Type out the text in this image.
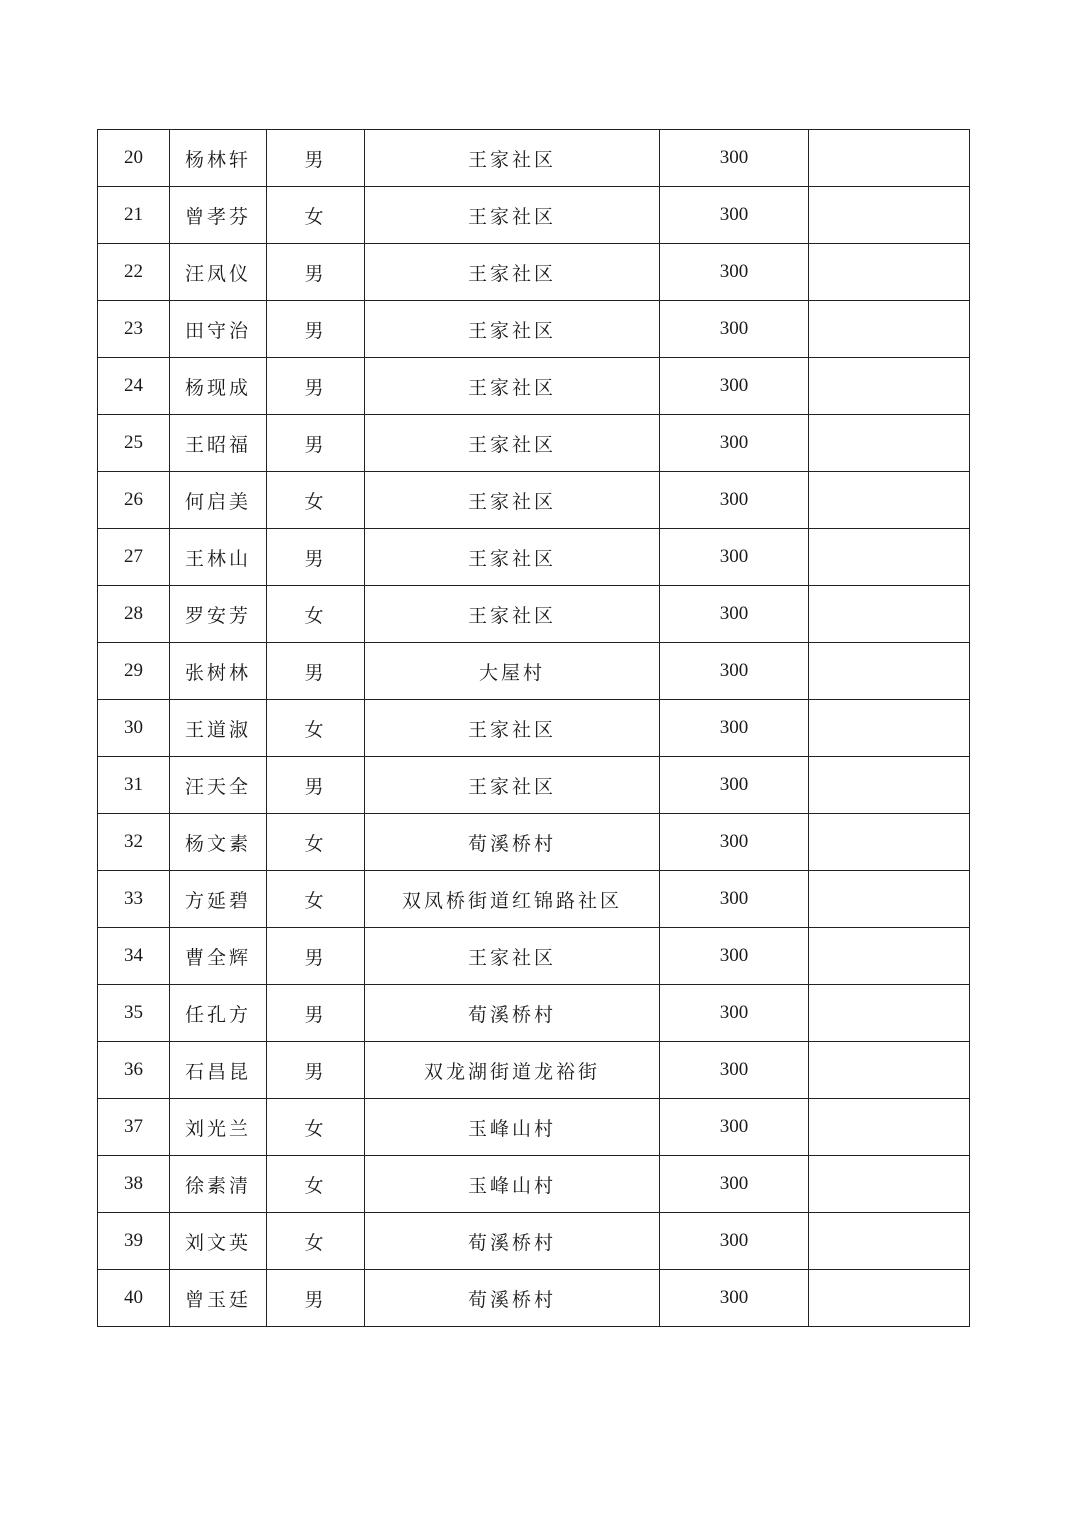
20	杨林轩	男	王家社区	300	
21	曾孝芬	女	王家社区	300	
22	汪凤仪	男	王家社区	300	
23	田守治	男	王家社区	300	
24	杨现成	男	王家社区	300	
25	王昭福	男	王家社区	300	
26	何启美	女	王家社区	300	
27	王林山	男	王家社区	300	
28	罗安芳	女	王家社区	300	
29	张树林	男	大屋村	300	
30	王道淑	女	王家社区	300	
31	汪天全	男	王家社区	300	
32	杨文素	女	荀溪桥村	300	
33	方延碧	女	双凤桥街道红锦路社区	300	
34	曹全辉	男	王家社区	300	
35	任孔方	男	荀溪桥村	300	
36	石昌昆	男	双龙湖街道龙裕街	300	
37	刘光兰	女	玉峰山村	300	
38	徐素清	女	玉峰山村	300	
39	刘文英	女	荀溪桥村	300	
40	曾玉廷	男	荀溪桥村	300	
